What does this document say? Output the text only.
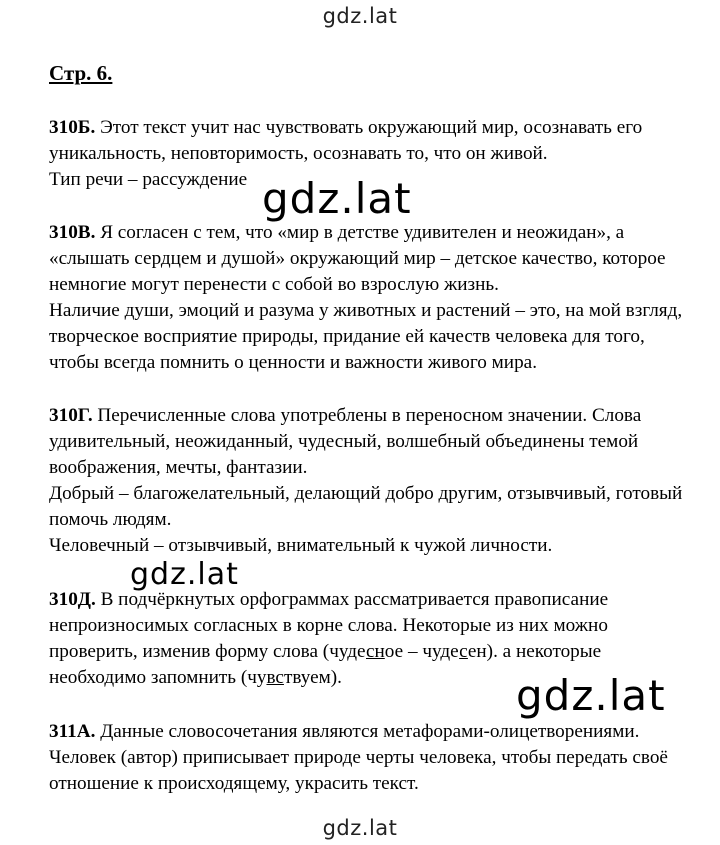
gdz.lat
Стр. 6.
310Б. Этот текст учит нас чувствовать окружающий мир, осознавать его
уникальность, неповторимость, осознавать то, что он живой.
Тип речи – рассуждение
310В. Я согласен с тем, что «мир в детстве удивителен и неожидан», а
«слышать сердцем и душой» окружающий мир – детское качество, которое
немногие могут перенести с собой во взрослую жизнь.
Наличие души, эмоций и разума у животных и растений – это, на мой взгляд,
творческое восприятие природы, придание ей качеств человека для того,
чтобы всегда помнить о ценности и важности живого мира.
310Г. Перечисленные слова употреблены в переносном значении. Слова
удивительный, неожиданный, чудесный, волшебный объединены темой
воображения, мечты, фантазии.
Добрый – благожелательный, делающий добро другим, отзывчивый, готовый
помочь людям.
Человечный – отзывчивый, внимательный к чужой личности.
310Д. В подчёркнутых орфограммах рассматривается правописание
непроизносимых согласных в корне слова. Некоторые из них можно
проверить, изменив форму слова (чудесное – чудесен). а некоторые
необходимо запомнить (чувствуем).
311А. Данные словосочетания являются метафорами-олицетворениями.
Человек (автор) приписывает природе черты человека, чтобы передать своё
отношение к происходящему, украсить текст.
gdz.lat
gdz.lat
gdz.lat
gdz.lat
